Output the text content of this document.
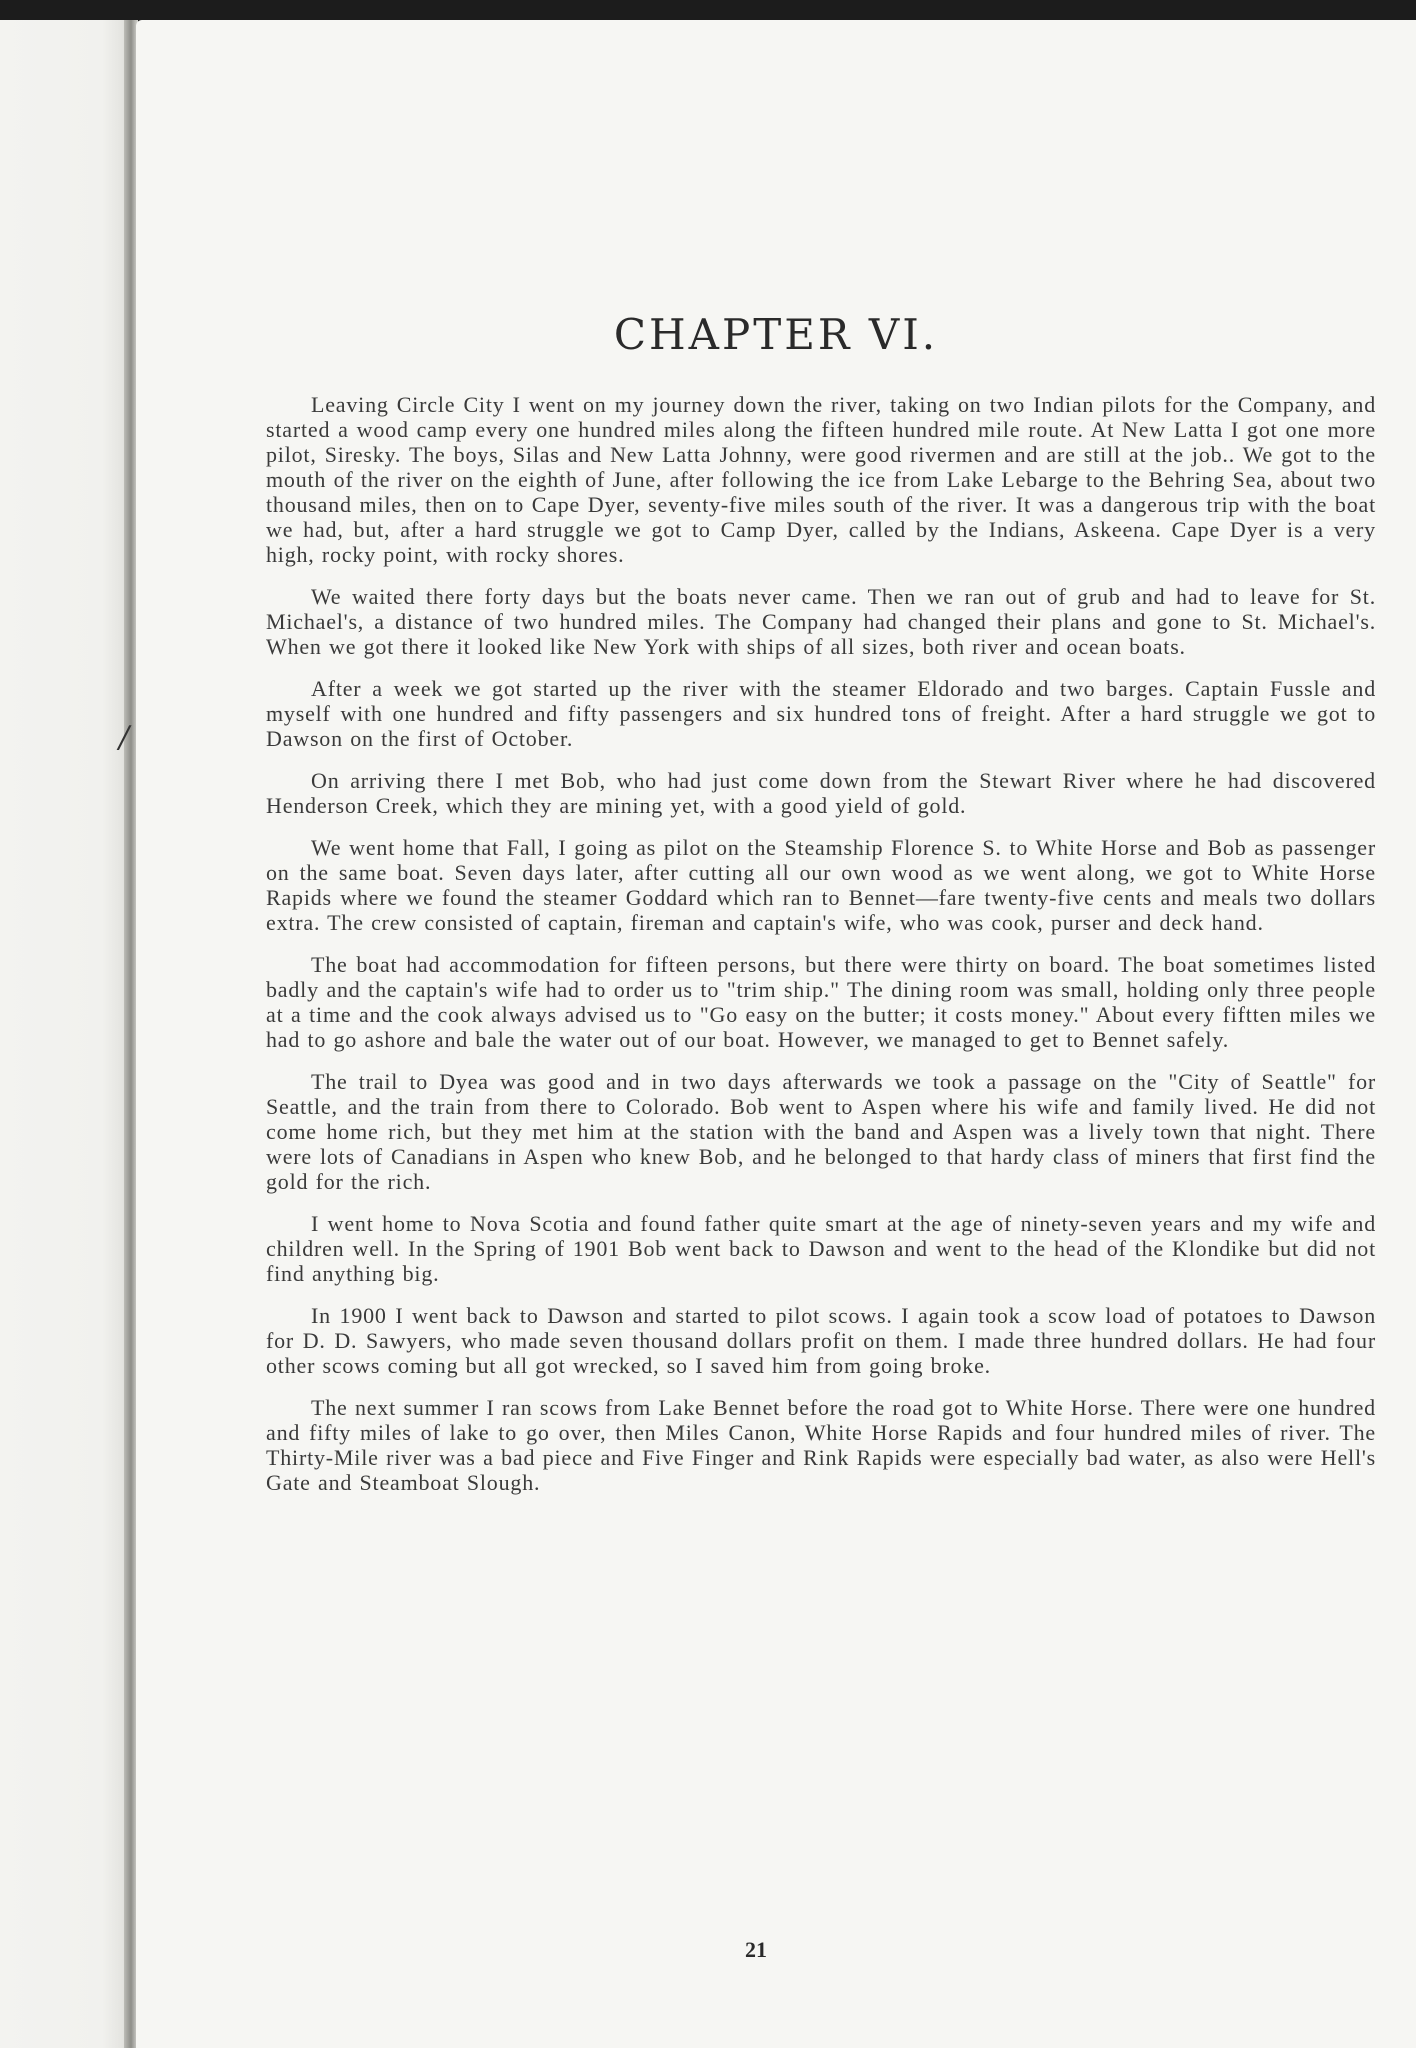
/
CHAPTER VI.

Leaving Circle City I went on my journey down the river, taking on two Indian pilots for the Company, and started a wood camp every one hundred miles along the fifteen hundred mile route. At New Latta I got one more pilot, Siresky. The boys, Silas and New Latta Johnny, were good rivermen and are still at the job.. We got to the mouth of the river on the eighth of June, after following the ice from Lake Lebarge to the Behring Sea, about two thousand miles, then on to Cape Dyer, seventy-five miles south of the river. It was a dangerous trip with the boat we had, but, after a hard struggle we got to Camp Dyer, called by the Indians, Askeena. Cape Dyer is a very high, rocky point, with rocky shores.

We waited there forty days but the boats never came. Then we ran out of grub and had to leave for St. Michael's, a distance of two hundred miles. The Company had changed their plans and gone to St. Michael's. When we got there it looked like New York with ships of all sizes, both river and ocean boats.

After a week we got started up the river with the steamer Eldorado and two barges. Captain Fussle and myself with one hundred and fifty passengers and six hundred tons of freight. After a hard struggle we got to Dawson on the first of October.

On arriving there I met Bob, who had just come down from the Stewart River where he had discovered Henderson Creek, which they are mining yet, with a good yield of gold.

We went home that Fall, I going as pilot on the Steamship Florence S. to White Horse and Bob as passenger on the same boat. Seven days later, after cutting all our own wood as we went along, we got to White Horse Rapids where we found the steamer Goddard which ran to Bennet—fare twenty-five cents and meals two dollars extra. The crew consisted of captain, fireman and captain's wife, who was cook, purser and deck hand.

The boat had accommodation for fifteen persons, but there were thirty on board. The boat sometimes listed badly and the captain's wife had to order us to "trim ship." The dining room was small, holding only three people at a time and the cook always advised us to "Go easy on the butter; it costs money." About every fiftten miles we had to go ashore and bale the water out of our boat. However, we managed to get to Bennet safely.

The trail to Dyea was good and in two days afterwards we took a passage on the "City of Seattle" for Seattle, and the train from there to Colorado. Bob went to Aspen where his wife and family lived. He did not come home rich, but they met him at the station with the band and Aspen was a lively town that night. There were lots of Canadians in Aspen who knew Bob, and he belonged to that hardy class of miners that first find the gold for the rich.

I went home to Nova Scotia and found father quite smart at the age of ninety-seven years and my wife and children well. In the Spring of 1901 Bob went back to Dawson and went to the head of the Klondike but did not find anything big.

In 1900 I went back to Dawson and started to pilot scows. I again took a scow load of potatoes to Dawson for D. D. Sawyers, who made seven thousand dollars profit on them. I made three hundred dollars. He had four other scows coming but all got wrecked, so I saved him from going broke.

The next summer I ran scows from Lake Bennet before the road got to White Horse. There were one hundred and fifty miles of lake to go over, then Miles Canon, White Horse Rapids and four hundred miles of river. The Thirty-Mile river was a bad piece and Five Finger and Rink Rapids were especially bad water, as also were Hell's Gate and Steamboat Slough.

21
